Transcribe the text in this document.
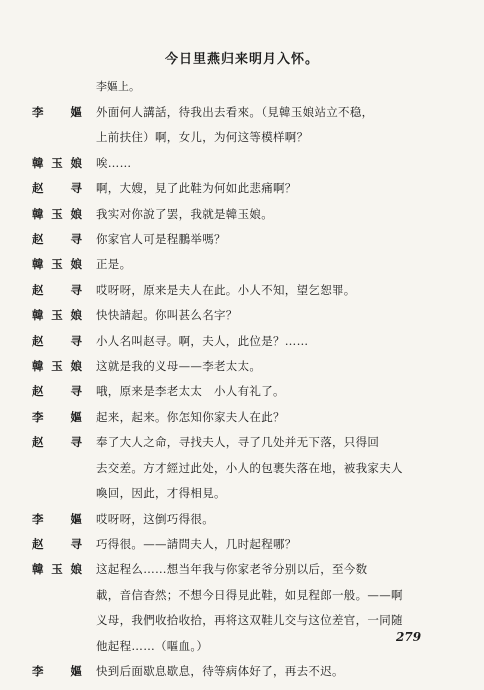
今日里燕归来明月入怀。
李嫗上。
李　嫗 外面何人講話，待我出去看來。（見韓玉娘站立不稳，
上前扶住）啊，女儿，为何这等模样啊？
韓玉娘 唉……
赵　寻 啊，大嫂，見了此鞋为何如此悲痛啊？
韓玉娘 我实对你說了罢，我就是韓玉娘。
赵　寻 你家官人可是程鵬举嗎？
韓玉娘 正是。
赵　寻 哎呀呀，原来是夫人在此。小人不知，望乞恕罪。
韓玉娘 快快請起。你叫甚么名字？
赵　寻 小人名叫赵寻。啊，夫人，此位是？……
韓玉娘 这就是我的义母——李老太太。
赵　寻 哦，原来是李老太太　小人有礼了。
李　嫗 起来，起来。你怎知你家夫人在此？
赵　寻 奉了大人之命，寻找夫人，寻了几处并无下落，只得回
去交差。方才經过此处，小人的包裹失落在地，被我家夫人
喚回，因此，才得相見。
李　嫗 哎呀呀，这倒巧得很。
赵　寻 巧得很。——請問夫人，几时起程哪？
韓玉娘 这起程么……想当年我与你家老爷分别以后，至今数
載，音信杳然；不想今日得見此鞋，如見程郎一般。——啊
义母，我們收拾收拾，再将这双鞋儿交与这位差官，一同随
他起程……（嘔血。）
李　嫗 快到后面歇息歇息，待等病体好了，再去不迟。
279
